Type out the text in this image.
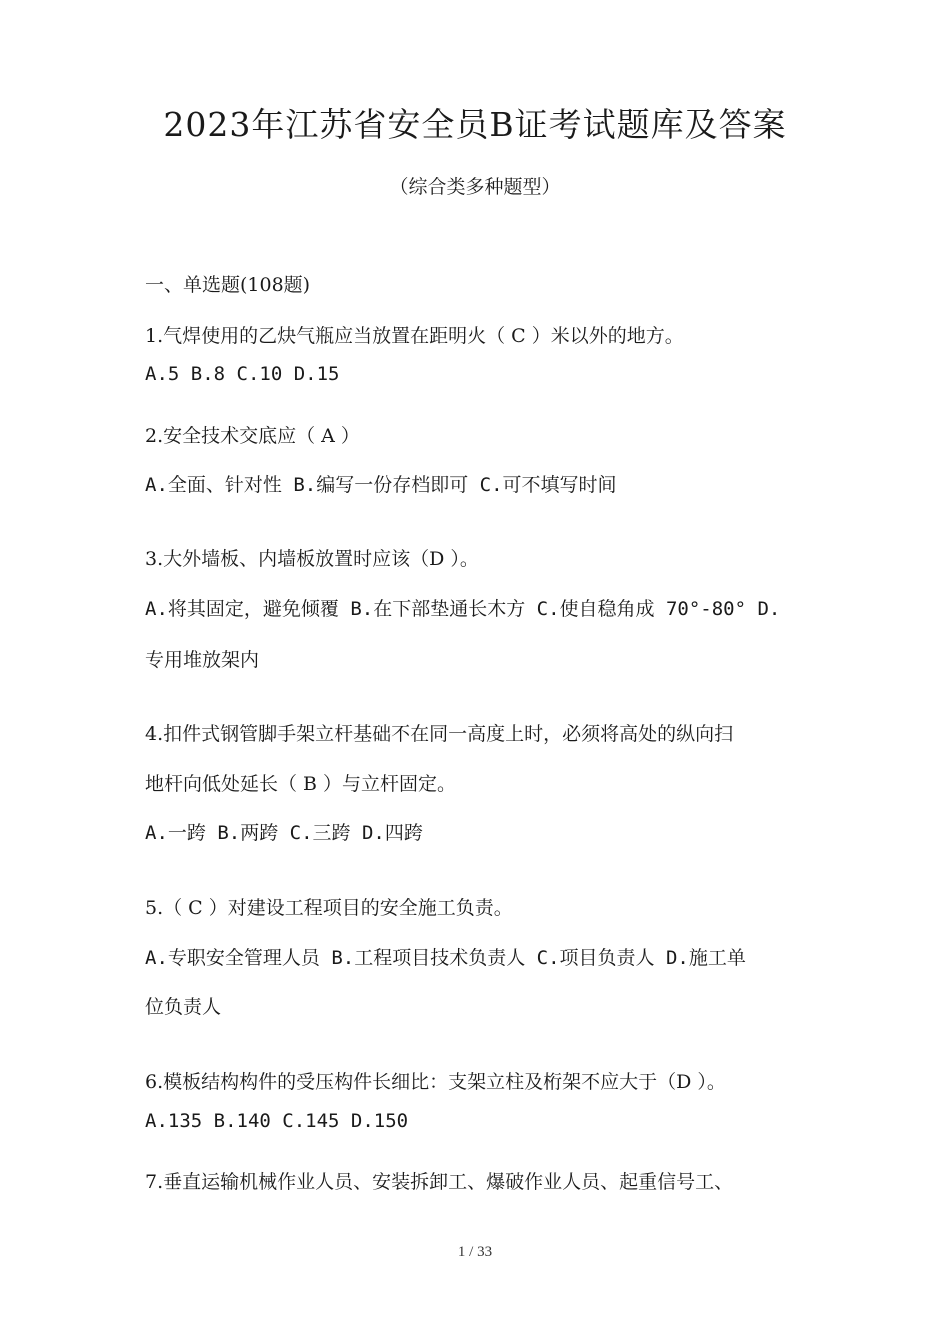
2023年江苏省安全员B证考试题库及答案
（综合类多种题型）
一、单选题(108题)
1.气焊使用的乙炔气瓶应当放置在距明火（ C ）米以外的地方。
A.5 B.8 C.10 D.15
2.安全技术交底应（ A ）
A.全面、针对性 B.编写一份存档即可 C.可不填写时间
3.大外墙板、内墙板放置时应该（D ）。
A.将其固定，避免倾覆 B.在下部垫通长木方 C.使自稳角成 70°-80° D.
专用堆放架内
4.扣件式钢管脚手架立杆基础不在同一高度上时，必须将高处的纵向扫
地杆向低处延长（ B ）与立杆固定。
A.一跨 B.两跨 C.三跨 D.四跨
5.（ C ）对建设工程项目的安全施工负责。
A.专职安全管理人员 B.工程项目技术负责人 C.项目负责人 D.施工单
位负责人
6.模板结构构件的受压构件长细比：支架立柱及桁架不应大于（D ）。
A.135 B.140 C.145 D.150
7.垂直运输机械作业人员、安装拆卸工、爆破作业人员、起重信号工、
1 / 33
